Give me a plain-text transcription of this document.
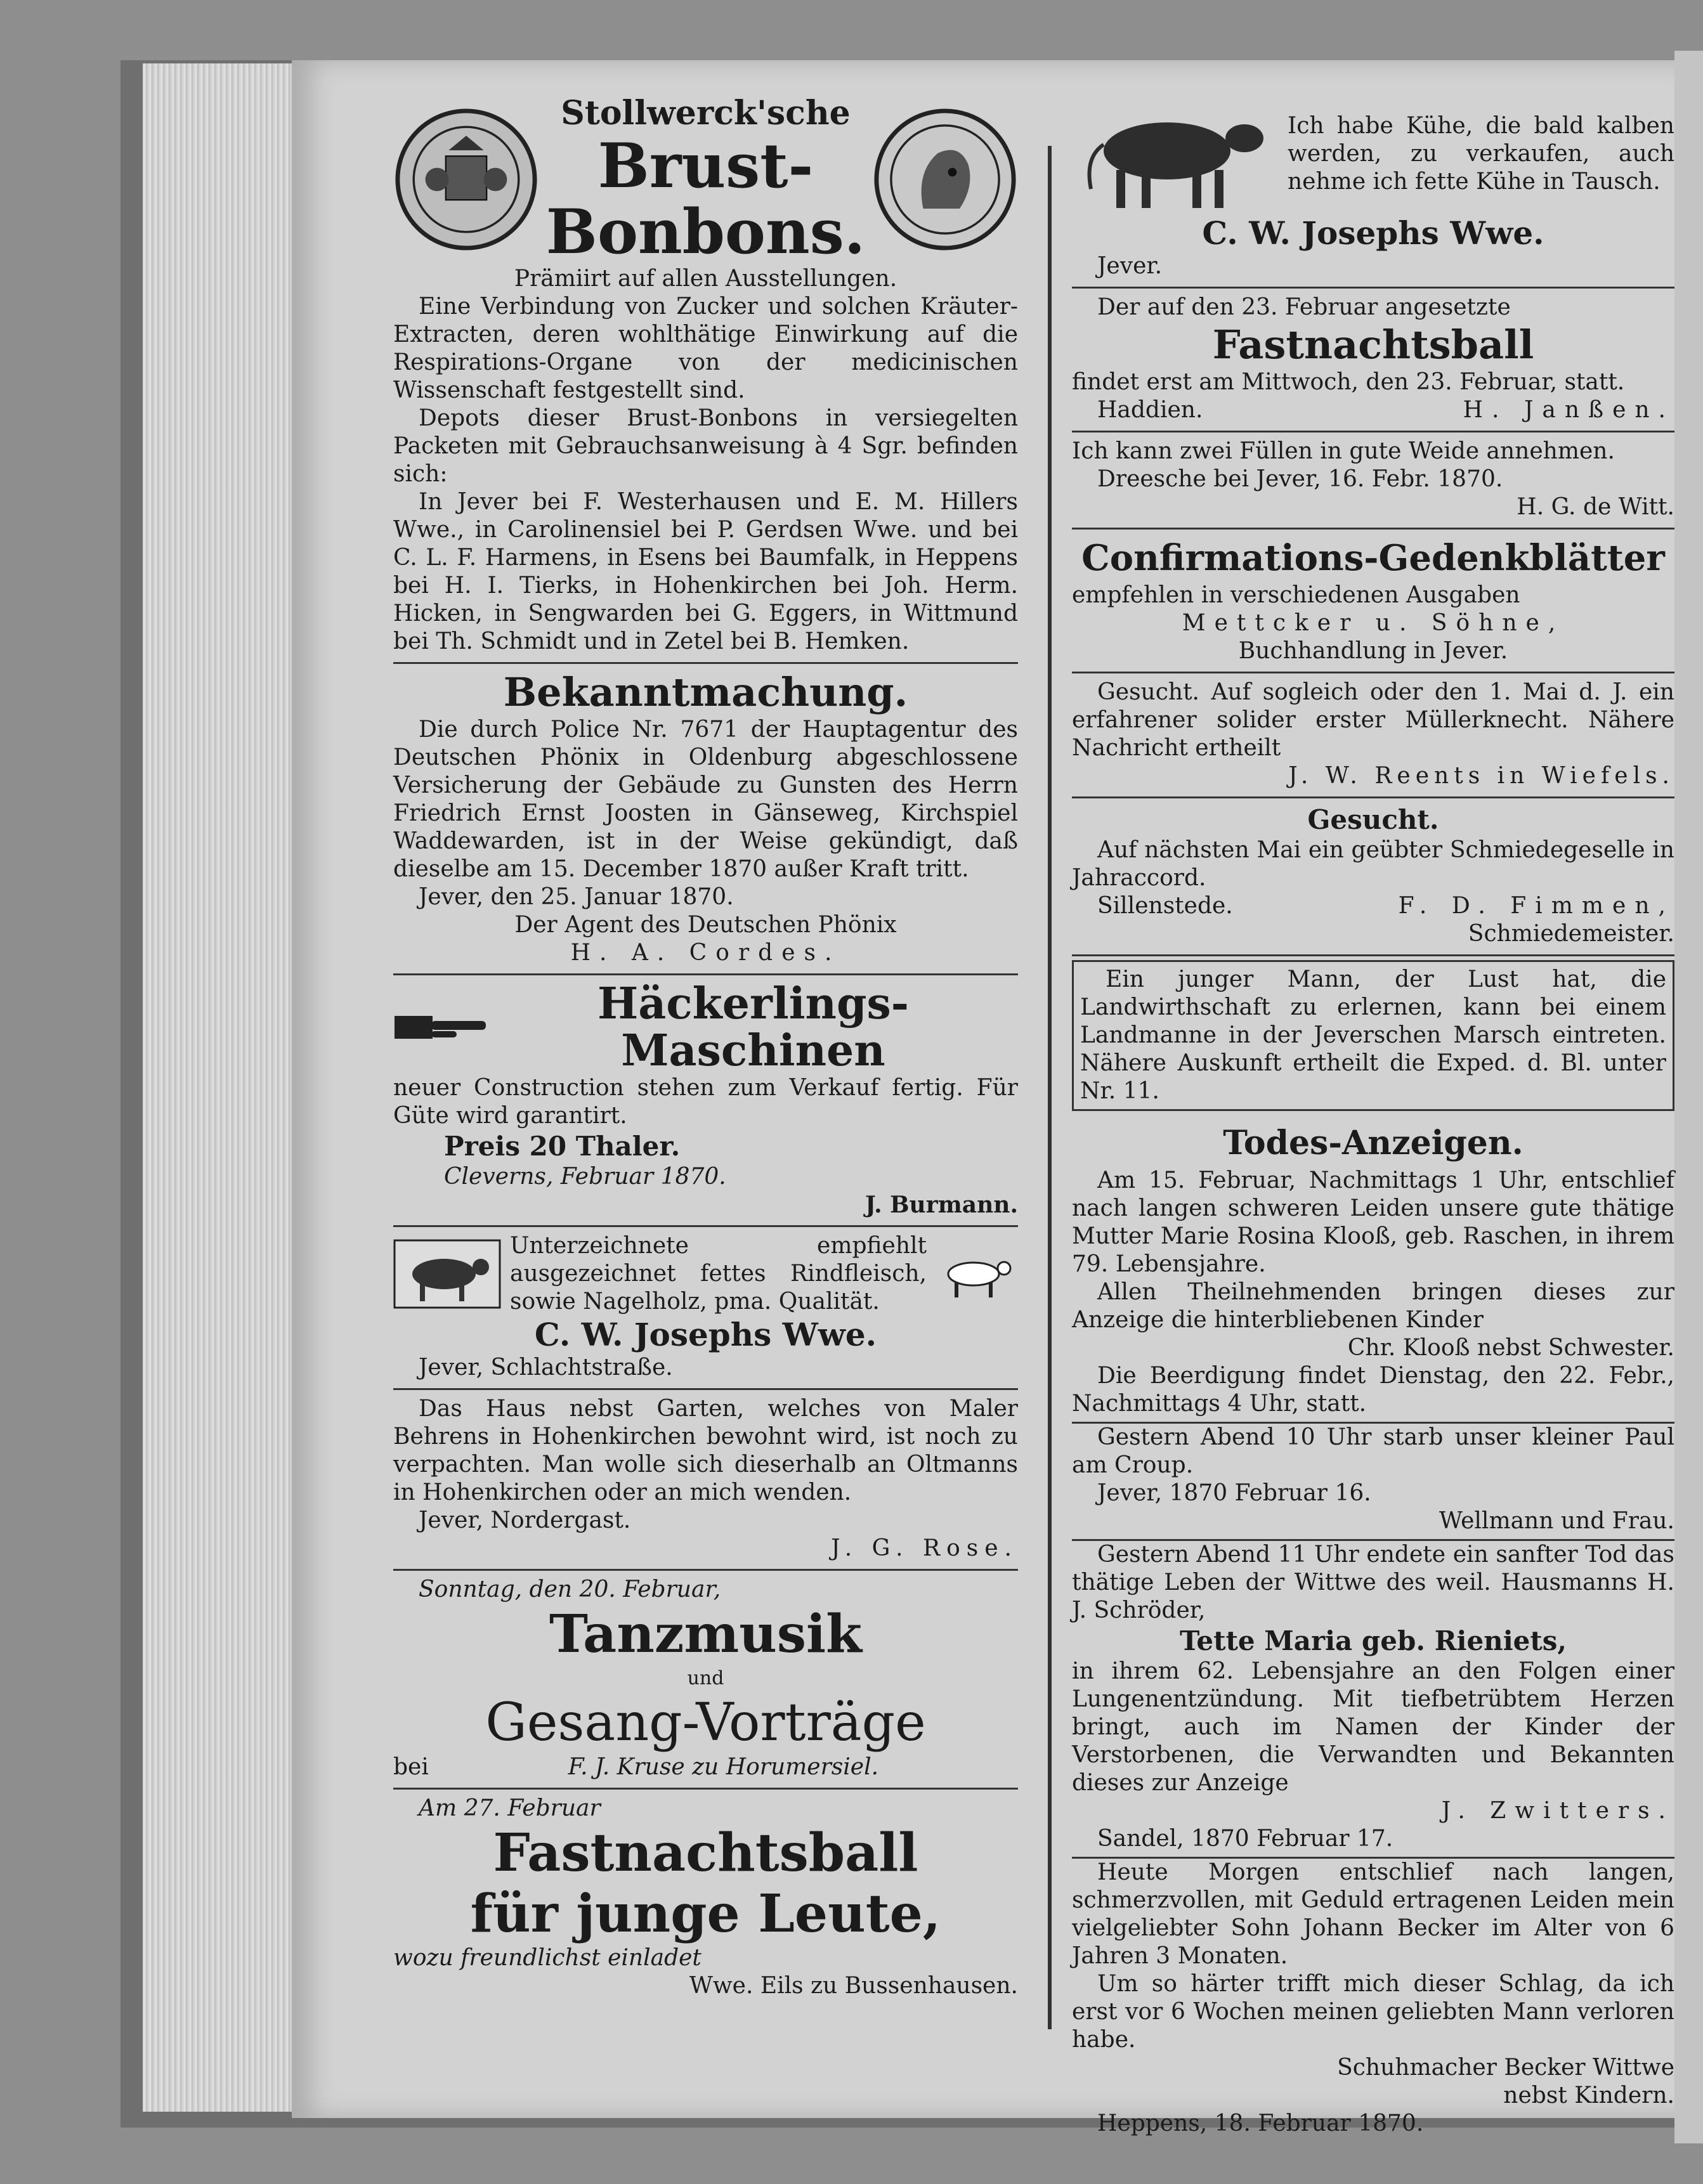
Stollwerck'sche
Brust-
Bonbons.

Prämiirt auf allen Ausstellungen.

Eine Verbindung von Zucker und solchen Kräuter-Extracten, deren wohlthätige Einwirkung auf die Respirations-Organe von der medicinischen Wissenschaft festgestellt sind.

Depots dieser Brust-Bonbons in versiegelten Packeten mit Gebrauchsanweisung à 4 Sgr. befinden sich:

In Jever bei F. Westerhausen und E. M. Hillers Wwe., in Carolinensiel bei P. Gerdsen Wwe. und bei C. L. F. Harmens, in Esens bei Baumfalk, in Heppens bei H. I. Tierks, in Hohenkirchen bei Joh. Herm. Hicken, in Sengwarden bei G. Eggers, in Wittmund bei Th. Schmidt und in Zetel bei B. Hemken.

Bekanntmachung.

Die durch Police Nr. 7671 der Hauptagentur des Deutschen Phönix in Oldenburg abgeschlossene Versicherung der Gebäude zu Gunsten des Herrn Friedrich Ernst Joosten in Gänseweg, Kirchspiel Waddewarden, ist in der Weise gekündigt, daß dieselbe am 15. December 1870 außer Kraft tritt.

Jever, den 25. Januar 1870.

Der Agent des Deutschen Phönix

H. A. Cordes.

Häckerlings-Maschinen

neuer Construction stehen zum Verkauf fertig. Für Güte wird garantirt.

Preis 20 Thaler.

Cleverns, Februar 1870.

J. Burmann.

Unterzeichnete empfiehlt ausgezeichnet fettes Rindfleisch, sowie Nagelholz, pma. Qualität.

C. W. Josephs Wwe.

Jever, Schlachtstraße.

Das Haus nebst Garten, welches von Maler Behrens in Hohenkirchen bewohnt wird, ist noch zu verpachten. Man wolle sich dieserhalb an Oltmanns in Hohenkirchen oder an mich wenden.

Jever, Nordergast.

J. G. Rose.

Sonntag, den 20. Februar,

Tanzmusik

und

Gesang-Vorträge

bei	F. J. Kruse zu Horumersiel.

Am 27. Februar

Fastnachtsball

für junge Leute,

wozu freundlichst einladet

Wwe. Eils zu Bussenhausen.

Ich habe Kühe, die bald kalben werden, zu verkaufen, auch nehme ich fette Kühe in Tausch.

C. W. Josephs Wwe.

Jever.

Der auf den 23. Februar angesetzte

Fastnachtsball

findet erst am Mittwoch, den 23. Februar, statt.

Haddien.	H. Janßen.

Ich kann zwei Füllen in gute Weide annehmen.

Dreesche bei Jever, 16. Febr. 1870.

H. G. de Witt.

Confirmations-Gedenkblätter

empfehlen in verschiedenen Ausgaben

Mettcker u. Söhne,

Buchhandlung in Jever.

Gesucht. Auf sogleich oder den 1. Mai d. J. ein erfahrener solider erster Müllerknecht. Nähere Nachricht ertheilt

J. W. Reents in Wiefels.

Gesucht.

Auf nächsten Mai ein geübter Schmiedegeselle in Jahraccord.

Sillenstede.	F. D. Fimmen,

Schmiedemeister.

Ein junger Mann, der Lust hat, die Landwirthschaft zu erlernen, kann bei einem Landmanne in der Jeverschen Marsch eintreten. Nähere Auskunft ertheilt die Exped. d. Bl. unter Nr. 11.

Todes-Anzeigen.

Am 15. Februar, Nachmittags 1 Uhr, entschlief nach langen schweren Leiden unsere gute thätige Mutter Marie Rosina Klooß, geb. Raschen, in ihrem 79. Lebensjahre.

Allen Theilnehmenden bringen dieses zur Anzeige die hinterbliebenen Kinder

Chr. Klooß nebst Schwester.

Die Beerdigung findet Dienstag, den 22. Febr., Nachmittags 4 Uhr, statt.

Gestern Abend 10 Uhr starb unser kleiner Paul am Croup.

Jever, 1870 Februar 16.

Wellmann und Frau.

Gestern Abend 11 Uhr endete ein sanfter Tod das thätige Leben der Wittwe des weil. Hausmanns H. J. Schröder,

Tette Maria geb. Rieniets,

in ihrem 62. Lebensjahre an den Folgen einer Lungenentzündung. Mit tiefbetrübtem Herzen bringt, auch im Namen der Kinder der Verstorbenen, die Verwandten und Bekannten dieses zur Anzeige

J. Zwitters.

Sandel, 1870 Februar 17.

Heute Morgen entschlief nach langen, schmerzvollen, mit Geduld ertragenen Leiden mein vielgeliebter Sohn Johann Becker im Alter von 6 Jahren 3 Monaten.

Um so härter trifft mich dieser Schlag, da ich erst vor 6 Wochen meinen geliebten Mann verloren habe.

Schuhmacher Becker Wittwe

nebst Kindern.

Heppens, 18. Februar 1870.
